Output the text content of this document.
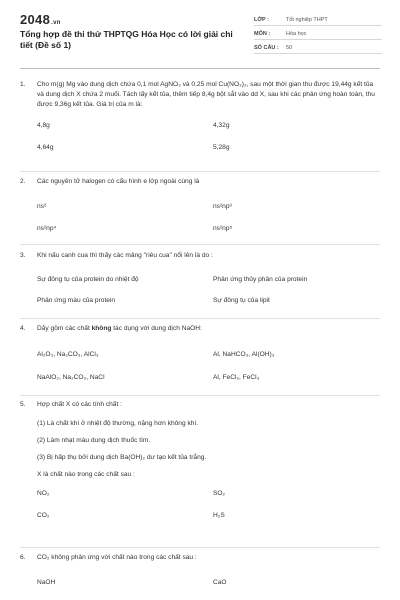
2048.vn
Tổng hợp đề thi thử THPTQG Hóa Học có lời giải chi tiết (Đề số 1)
LỚP :	Tốt nghiệp THPT
MÔN :	Hóa học
SỐ CÂU :	50
1.	Cho m(g) Mg vào dung dịch chứa 0,1 mol AgNO₃ và 0.25 mol Cu(NO₃)₂, sau một thời gian thu được 19,44g kết tủa và dung dịch X chứa 2 muối. Tách lấy kết tủa, thêm tiếp 8,4g bột sắt vào dd X, sau khi các phản ứng hoàn toàn, thu được 9,36g kết tủa. Giá trị của m là:
4,8g	4,32g
4,64g	5,28g
2.	Các nguyên tử halogen có cấu hình e lớp ngoài cùng là
ns²	ns²np³
ns²np⁴	ns²np⁵
3.	Khi nấu canh cua thì thấy các mảng "riêu cua" nổi lên là do :
Sự đông tụ của protein do nhiệt độ	Phản ứng thủy phân của protein
Phản ứng màu của protein	Sự đông tụ của lipit
4.	Dãy gồm các chất không tác dụng với dung dịch NaOH:
Al₂O₃, Na₂CO₃, AlCl₃	Al, NaHCO₃, Al(OH)₃
NaAlO₂, Na₂CO₃, NaCl	Al, FeCl₂, FeCl₃
5.	Hợp chất X có các tính chất :
(1) Là chất khí ở nhiệt độ thường, nặng hơn không khí.
(2) Làm nhạt màu dung dịch thuốc tím.
(3) Bị hấp thụ bởi dung dịch Ba(OH)₂ dư tạo kết tủa trắng.
X là chất nào trong các chất sau :
NO₂	SO₂
CO₂	H₂S
6.	CO₂ không phản ứng với chất nào trong các chất sau :
NaOH	CaO
